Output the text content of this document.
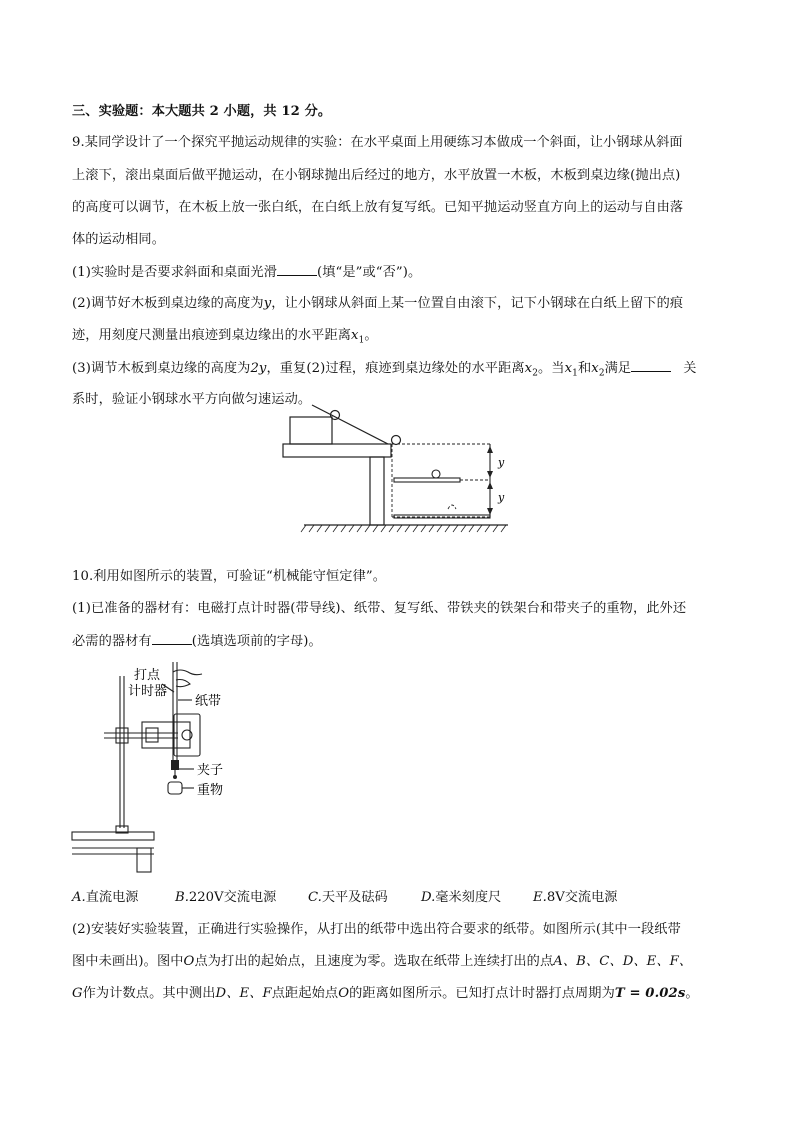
三、实验题：本大题共 2 小题，共 12 分。
9.某同学设计了一个探究平抛运动规律的实验：在水平桌面上用硬练习本做成一个斜面，让小钢球从斜面
上滚下，滚出桌面后做平抛运动，在小钢球抛出后经过的地方，水平放置一木板，木板到桌边缘(抛出点)
的高度可以调节，在木板上放一张白纸，在白纸上放有复写纸。已知平抛运动竖直方向上的运动与自由落
体的运动相同。
(1)实验时是否要求斜面和桌面光滑	(填“是”或“否”)。
(2)调节好木板到桌边缘的高度为y，让小钢球从斜面上某一位置自由滚下，记下小钢球在白纸上留下的痕
迹，用刻度尺测量出痕迹到桌边缘出的水平距离$x_1$。
(3)调节木板到桌边缘的高度为2y，重复(2)过程，痕迹到桌边缘处的水平距离$x_2$。当$x_1$和$x_2$满足	关
系时，验证小钢球水平方向做匀速运动。
y
y
10.利用如图所示的装置，可验证“机械能守恒定律”。
(1)已准备的器材有：电磁打点计时器(带导线)、纸带、复写纸、带铁夹的铁架台和带夹子的重物，此外还
必需的器材有	(选填选项前的字母)。
打点
计时器
纸带
夹子
重物
A.直流电源	B.220V交流电源 C.天平及砝码	D.毫米刻度尺 E.8V交流电源
(2)安装好实验装置，正确进行实验操作，从打出的纸带中选出符合要求的纸带。如图所示(其中一段纸带
图中未画出)。图中O点为打出的起始点，且速度为零。选取在纸带上连续打出的点A、B、C、D、E、F、
G作为计数点。其中测出D、E、F点距起始点O的距离如图所示。已知打点计时器打点周期为T = 0.02s。
